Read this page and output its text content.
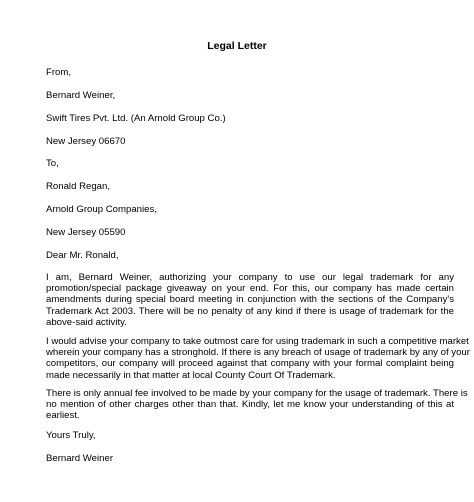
Legal Letter
From,
Bernard Weiner,
Swift Tires Pvt. Ltd. (An Arnold Group Co.)
New Jersey 06670
To,
Ronald Regan,
Arnold Group Companies,
New Jersey 05590
Dear Mr. Ronald,
I am, Bernard Weiner, authorizing your company to use our legal trademark for any
promotion/special package giveaway on your end. For this, our company has made certain
amendments during special board meeting in conjunction with the sections of the Company's
Trademark Act 2003. There will be no penalty of any kind if there is usage of trademark for the
above-said activity.
I would advise your company to take outmost care for using trademark in such a competitive market
wherein your company has a stronghold. If there is any breach of usage of trademark by any of your
competitors, our company will proceed against that company with your formal complaint being
made necessarily in that matter at local County Court Of Trademark.
There is only annual fee involved to be made by your company for the usage of trademark. There is
no mention of other charges other than that. Kindly, let me know your understanding of this at
earliest.
Yours Truly,
Bernard Weiner
